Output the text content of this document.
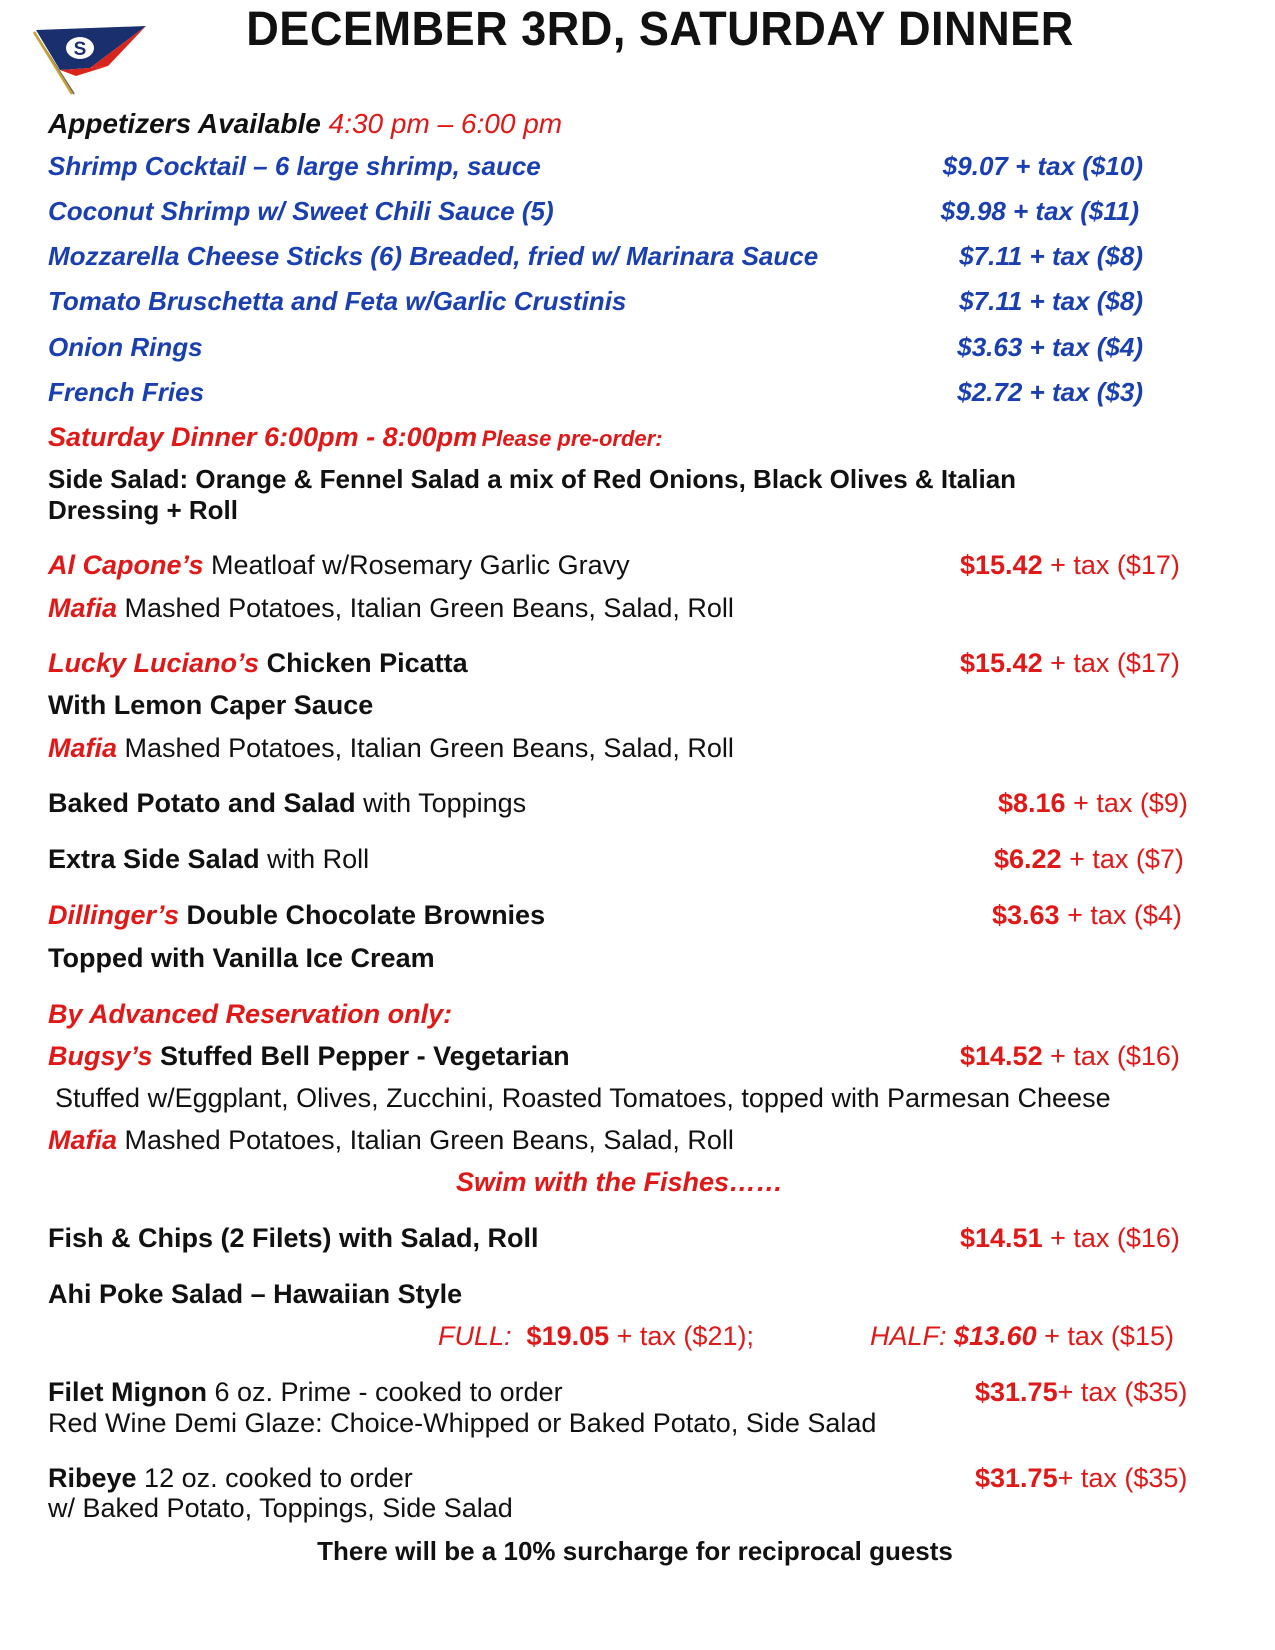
S	DECEMBER 3RD, SATURDAY DINNER
Appetizers Available 4:30 pm – 6:00 pm
Shrimp Cocktail – 6 large shrimp, sauce	$9.07 + tax ($10)
Coconut Shrimp w/ Sweet Chili Sauce (5)	$9.98 + tax ($11)
Mozzarella Cheese Sticks (6) Breaded, fried w/ Marinara Sauce	$7.11 + tax ($8)
Tomato Bruschetta and Feta w/Garlic Crustinis	$7.11 + tax ($8)
Onion Rings	$3.63 + tax ($4)
French Fries	$2.72 + tax ($3)
Saturday Dinner 6:00pm - 8:00pm Please pre-order:
Side Salad: Orange & Fennel Salad a mix of Red Onions, Black Olives & Italian
Dressing + Roll
Al Capone’s Meatloaf w/Rosemary Garlic Gravy	$15.42 + tax ($17)
Mafia Mashed Potatoes, Italian Green Beans, Salad, Roll
Lucky Luciano’s Chicken Picatta	$15.42 + tax ($17)
With Lemon Caper Sauce
Mafia Mashed Potatoes, Italian Green Beans, Salad, Roll
Baked Potato and Salad with Toppings	$8.16 + tax ($9)
Extra Side Salad with Roll	$6.22 + tax ($7)
Dillinger’s Double Chocolate Brownies	$3.63 + tax ($4)
Topped with Vanilla Ice Cream
By Advanced Reservation only:
Bugsy’s Stuffed Bell Pepper - Vegetarian	$14.52 + tax ($16)
Stuffed w/Eggplant, Olives, Zucchini, Roasted Tomatoes, topped with Parmesan Cheese
Mafia Mashed Potatoes, Italian Green Beans, Salad, Roll
Swim with the Fishes……
Fish & Chips (2 Filets) with Salad, Roll	$14.51 + tax ($16)
Ahi Poke Salad – Hawaiian Style
FULL: $19.05 + tax ($21);	HALF: $13.60 + tax ($15)
Filet Mignon 6 oz. Prime - cooked to order	$31.75+ tax ($35)
Red Wine Demi Glaze: Choice-Whipped or Baked Potato, Side Salad
Ribeye 12 oz. cooked to order	$31.75+ tax ($35)
w/ Baked Potato, Toppings, Side Salad
There will be a 10% surcharge for reciprocal guests
